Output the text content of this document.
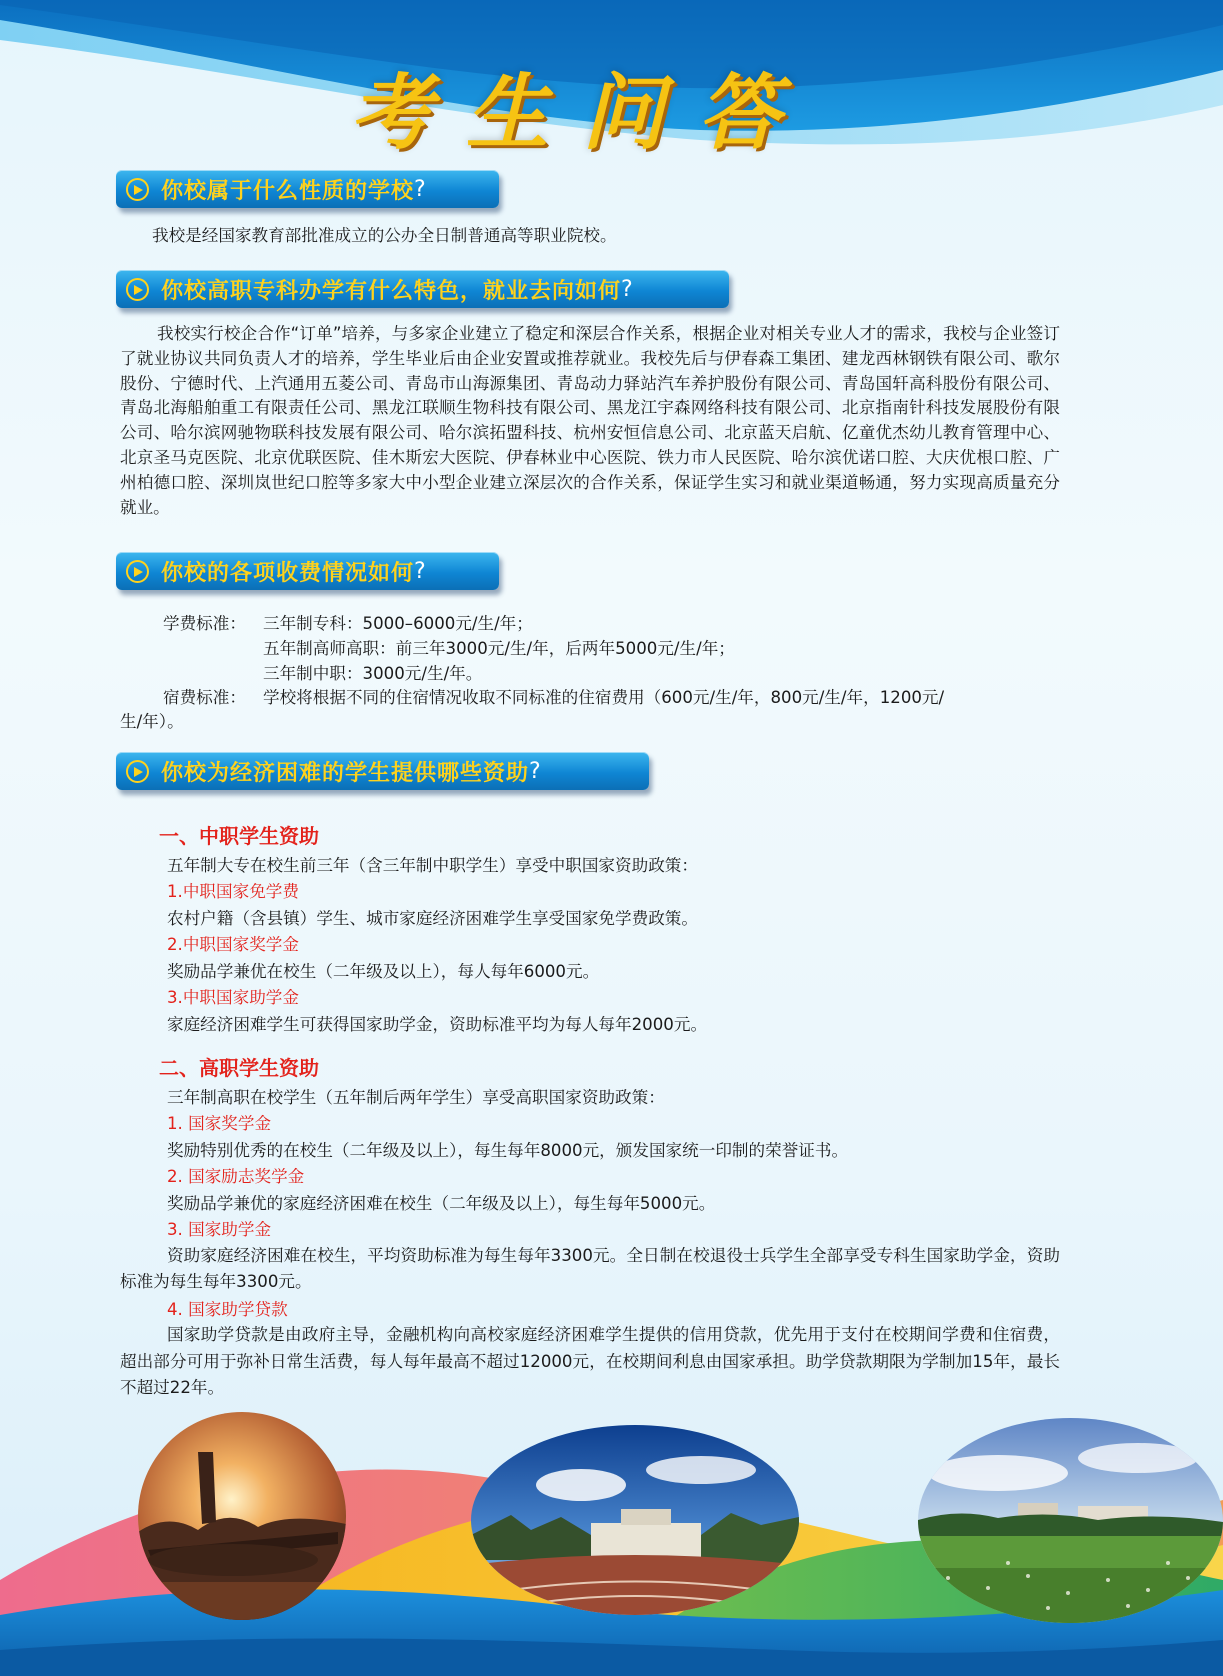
考生问答
你校属于什么性质的学校 ?

我校是经国家教育部批准成立的公办全日制普通高等职业院校。

你校高职专科办学有什么特色，就业去向如何 ?

我校实行校企合作“订单”培养，与多家企业建立了稳定和深层合作关系，根据企业对相关专业人才的需求，我校与企业签订了就业协议共同负责人才的培养，学生毕业后由企业安置或推荐就业。我校先后与伊春森工集团、建龙西林钢铁有限公司、歌尔股份、宁德时代、上汽通用五菱公司、青岛市山海源集团、青岛动力驿站汽车养护股份有限公司、青岛国轩高科股份有限公司、青岛北海船舶重工有限责任公司、黑龙江联顺生物科技有限公司、黑龙江宇森网络科技有限公司、北京指南针科技发展股份有限公司、哈尔滨网驰物联科技发展有限公司、哈尔滨拓盟科技、杭州安恒信息公司、北京蓝天启航、亿童优杰幼儿教育管理中心、北京圣马克医院、北京优联医院、佳木斯宏大医院、伊春林业中心医院、铁力市人民医院、哈尔滨优诺口腔、大庆优根口腔、广州柏德口腔、深圳岚世纪口腔等多家大中小型企业建立深层次的合作关系，保证学生实习和就业渠道畅通，努力实现高质量充分就业。

你校的各项收费情况如何 ?

学费标准： 三年制专科：5000–6000元/生/年；

五年制高师高职：前三年3000元/生/年，后两年5000元/生/年；

三年制中职：3000元/生/年。

宿费标准： 学校将根据不同的住宿情况收取不同标准的住宿费用（600元/生/年，800元/生/年，1200元/

生/年）。

你校为经济困难的学生提供哪些资助 ?
一、中职学生资助

五年制大专在校生前三年（含三年制中职学生）享受中职国家资助政策：

1.中职国家免学费

农村户籍（含县镇）学生、城市家庭经济困难学生享受国家免学费政策。

2.中职国家奖学金

奖励品学兼优在校生（二年级及以上），每人每年6000元。

3.中职国家助学金

家庭经济困难学生可获得国家助学金，资助标准平均为每人每年2000元。

二、高职学生资助

三年制高职在校学生（五年制后两年学生）享受高职国家资助政策：

1. 国家奖学金

奖励特别优秀的在校生（二年级及以上），每生每年8000元，颁发国家统一印制的荣誉证书。

2. 国家励志奖学金

奖励品学兼优的家庭经济困难在校生（二年级及以上），每生每年5000元。

3. 国家助学金

资助家庭经济困难在校生，平均资助标准为每生每年3300元。全日制在校退役士兵学生全部享受专科生国家助学金，资助标准为每生每年3300元。

4. 国家助学贷款

国家助学贷款是由政府主导，金融机构向高校家庭经济困难学生提供的信用贷款，优先用于支付在校期间学费和住宿费，超出部分可用于弥补日常生活费，每人每年最高不超过12000元，在校期间利息由国家承担。助学贷款期限为学制加15年，最长不超过22年。
